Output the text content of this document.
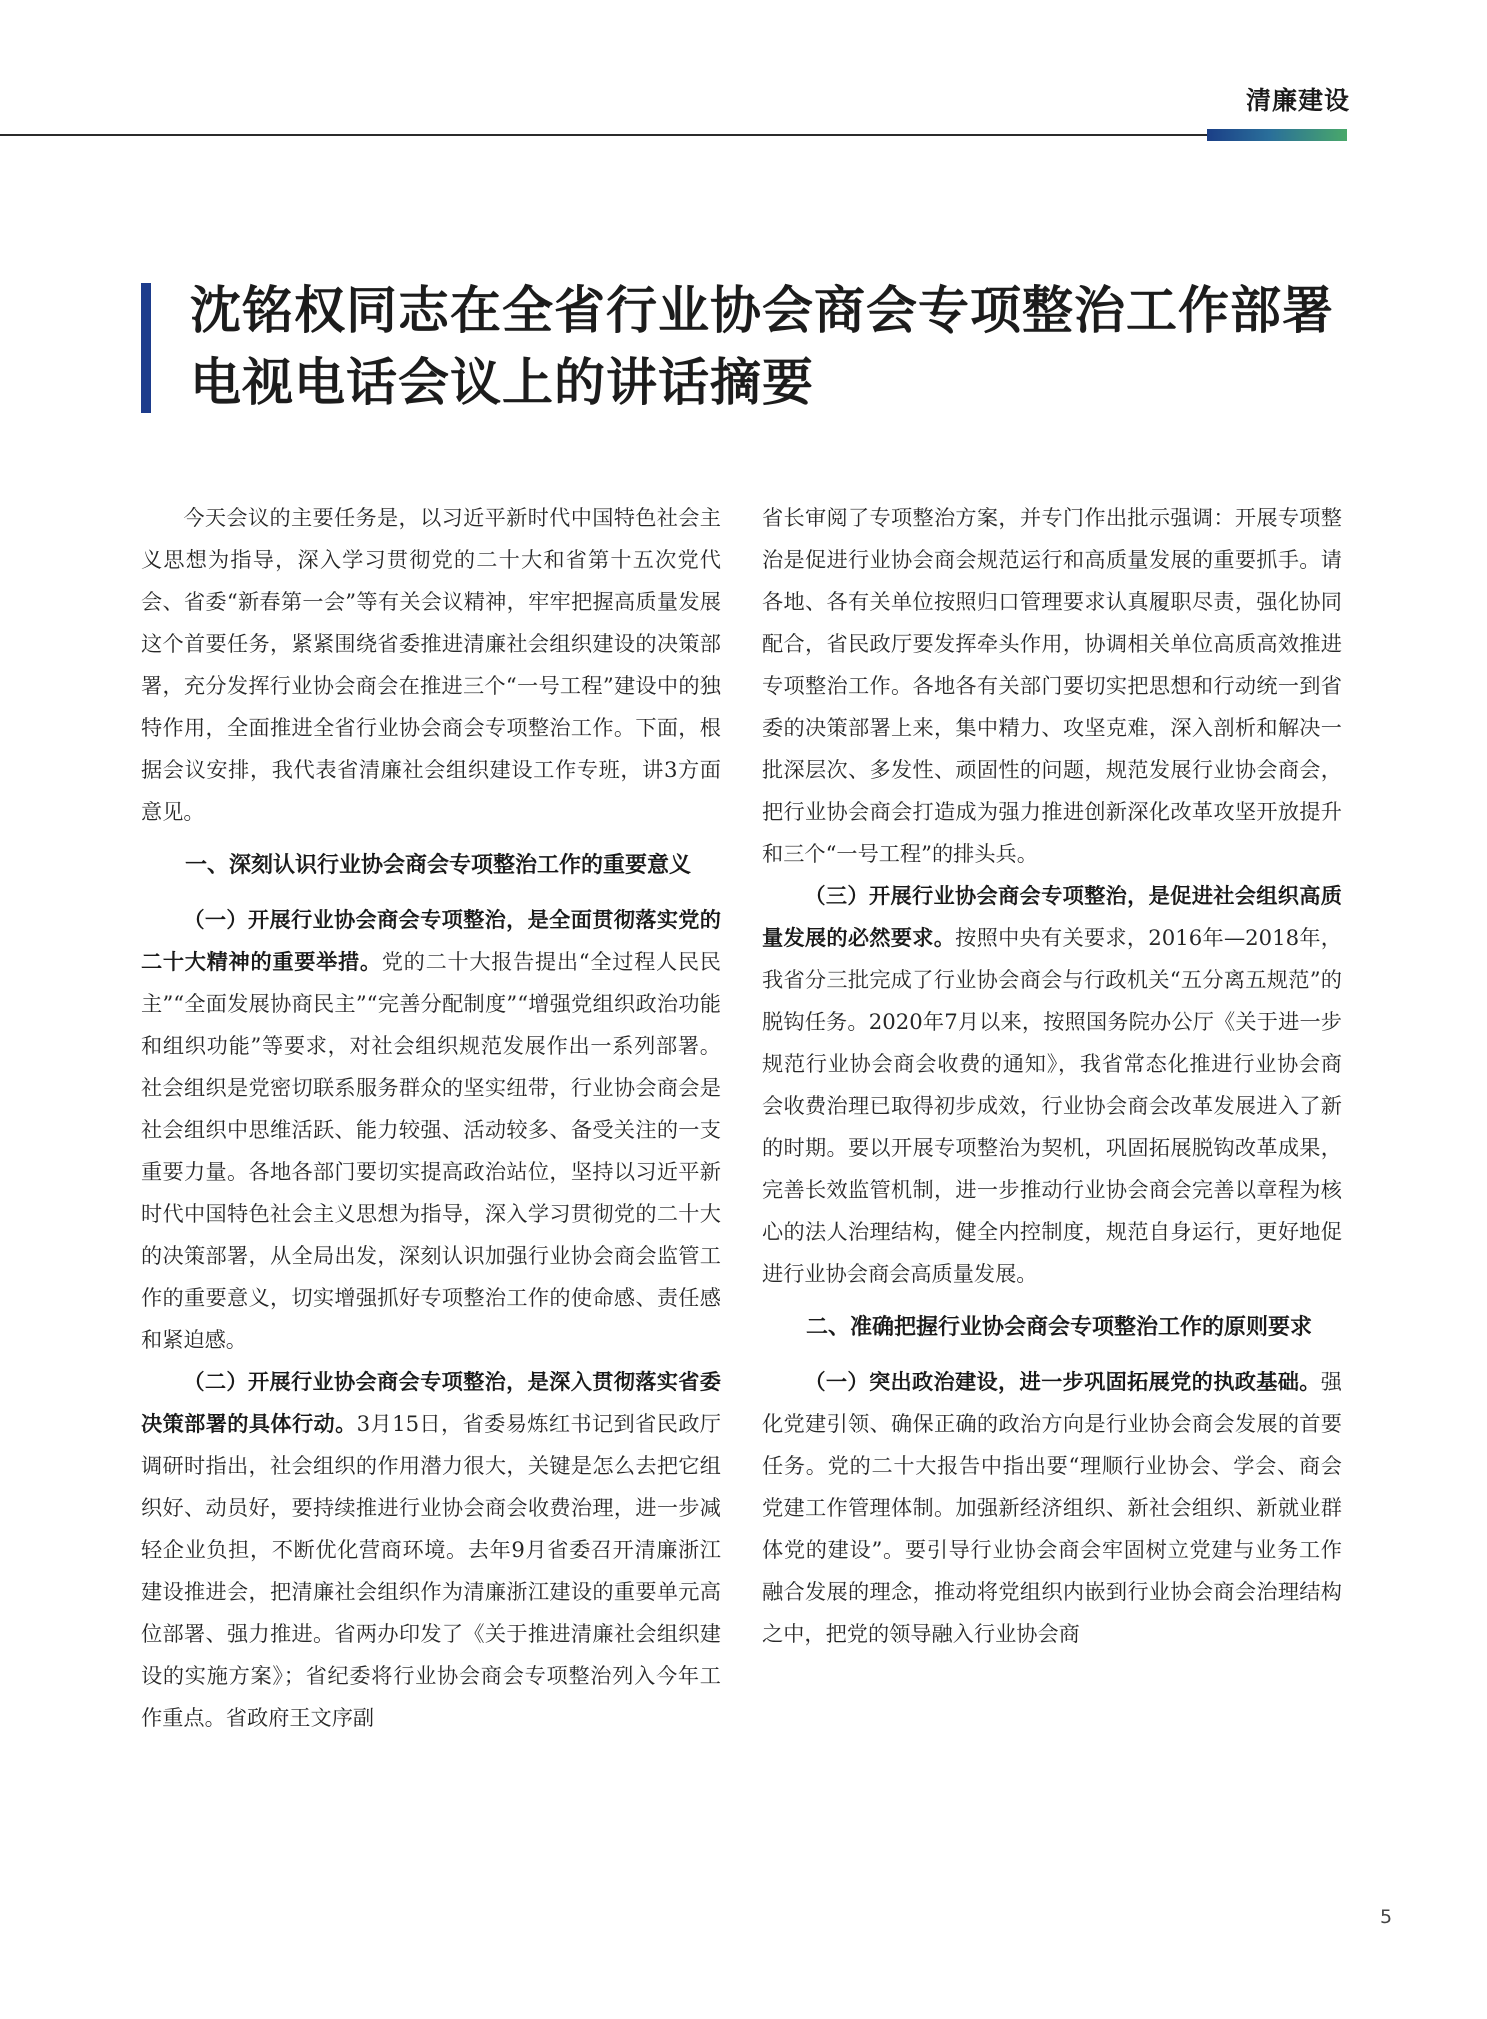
清廉建设
沈铭权同志在全省行业协会商会专项整治工作部署电视电话会议上的讲话摘要

今天会议的主要任务是，以习近平新时代中国特色社会主义思想为指导，深入学习贯彻党的二十大和省第十五次党代会、省委“新春第一会”等有关会议精神，牢牢把握高质量发展这个首要任务，紧紧围绕省委推进清廉社会组织建设的决策部署，充分发挥行业协会商会在推进三个“一号工程”建设中的独特作用，全面推进全省行业协会商会专项整治工作。下面，根据会议安排，我代表省清廉社会组织建设工作专班，讲3方面意见。

一、深刻认识行业协会商会专项整治工作的重要意义

（一）开展行业协会商会专项整治，是全面贯彻落实党的二十大精神的重要举措。党的二十大报告提出“全过程人民民主”“全面发展协商民主”“完善分配制度”“增强党组织政治功能和组织功能”等要求，对社会组织规范发展作出一系列部署。社会组织是党密切联系服务群众的坚实纽带，行业协会商会是社会组织中思维活跃、能力较强、活动较多、备受关注的一支重要力量。各地各部门要切实提高政治站位，坚持以习近平新时代中国特色社会主义思想为指导，深入学习贯彻党的二十大的决策部署，从全局出发，深刻认识加强行业协会商会监管工作的重要意义，切实增强抓好专项整治工作的使命感、责任感和紧迫感。

（二）开展行业协会商会专项整治，是深入贯彻落实省委决策部署的具体行动。3月15日，省委易炼红书记到省民政厅调研时指出，社会组织的作用潜力很大，关键是怎么去把它组织好、动员好，要持续推进行业协会商会收费治理，进一步减轻企业负担，不断优化营商环境。去年9月省委召开清廉浙江建设推进会，把清廉社会组织作为清廉浙江建设的重要单元高位部署、强力推进。省两办印发了《关于推进清廉社会组织建设的实施方案》；省纪委将行业协会商会专项整治列入今年工作重点。省政府王文序副

省长审阅了专项整治方案，并专门作出批示强调：开展专项整治是促进行业协会商会规范运行和高质量发展的重要抓手。请各地、各有关单位按照归口管理要求认真履职尽责，强化协同配合，省民政厅要发挥牵头作用，协调相关单位高质高效推进专项整治工作。各地各有关部门要切实把思想和行动统一到省委的决策部署上来，集中精力、攻坚克难，深入剖析和解决一批深层次、多发性、顽固性的问题，规范发展行业协会商会，把行业协会商会打造成为强力推进创新深化改革攻坚开放提升和三个“一号工程”的排头兵。

（三）开展行业协会商会专项整治，是促进社会组织高质量发展的必然要求。按照中央有关要求，2016年—2018年，我省分三批完成了行业协会商会与行政机关“五分离五规范”的脱钩任务。2020年7月以来，按照国务院办公厅《关于进一步规范行业协会商会收费的通知》，我省常态化推进行业协会商会收费治理已取得初步成效，行业协会商会改革发展进入了新的时期。要以开展专项整治为契机，巩固拓展脱钩改革成果，完善长效监管机制，进一步推动行业协会商会完善以章程为核心的法人治理结构，健全内控制度，规范自身运行，更好地促进行业协会商会高质量发展。

二、准确把握行业协会商会专项整治工作的原则要求

（一）突出政治建设，进一步巩固拓展党的执政基础。强化党建引领、确保正确的政治方向是行业协会商会发展的首要任务。党的二十大报告中指出要“理顺行业协会、学会、商会党建工作管理体制。加强新经济组织、新社会组织、新就业群体党的建设”。要引导行业协会商会牢固树立党建与业务工作融合发展的理念，推动将党组织内嵌到行业协会商会治理结构之中，把党的领导融入行业协会商

5
